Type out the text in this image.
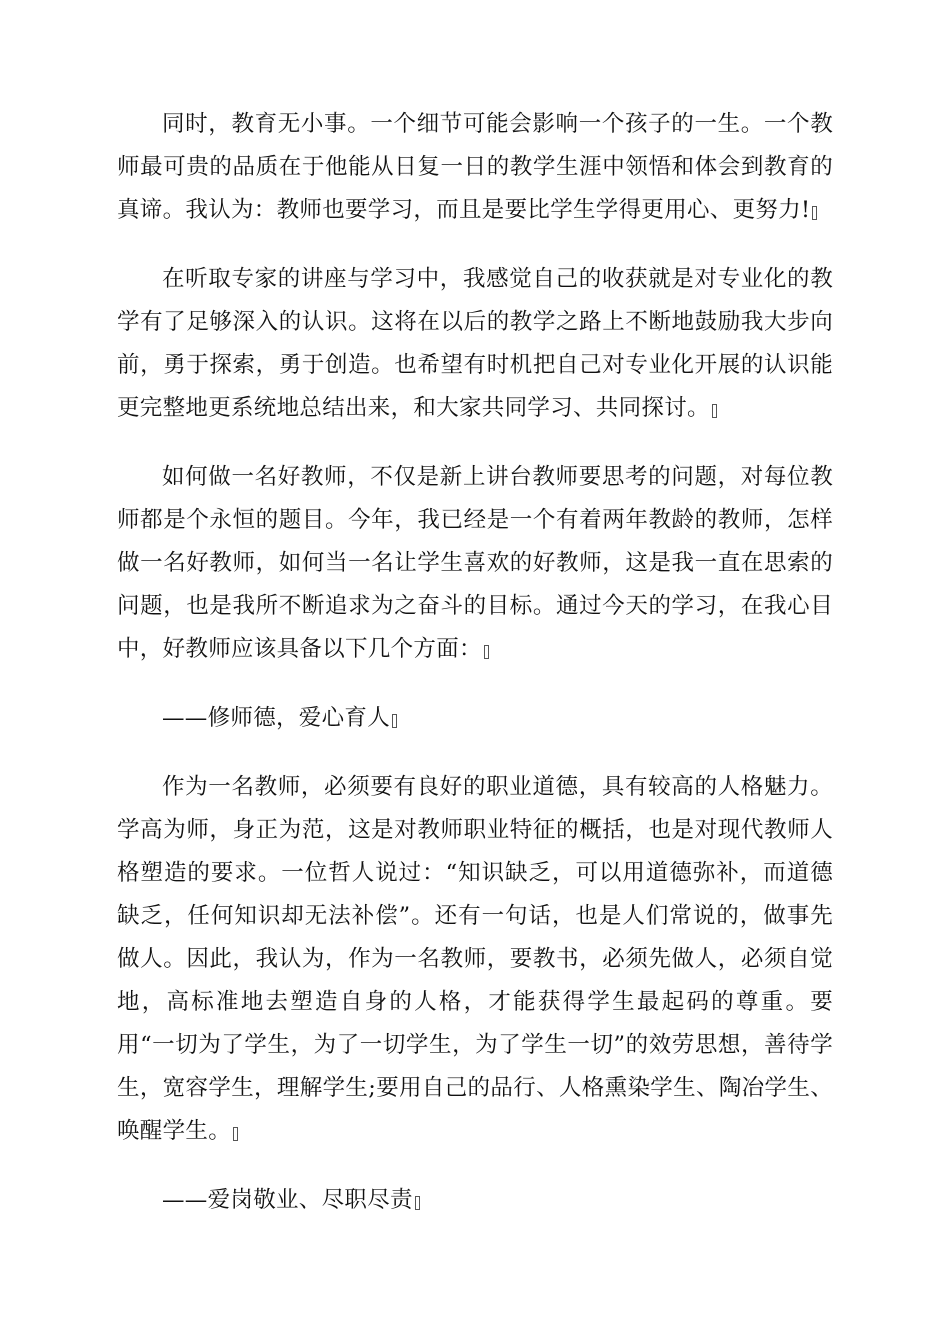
同时，教育无小事。一个细节可能会影响一个孩子的一生。一个教师最可贵的品质在于他能从日复一日的教学生涯中领悟和体会到教育的真谛。我认为：教师也要学习，而且是要比学生学得更用心、更努力!

在听取专家的讲座与学习中，我感觉自己的收获就是对专业化的教学有了足够深入的认识。这将在以后的教学之路上不断地鼓励我大步向前，勇于探索，勇于创造。也希望有时机把自己对专业化开展的认识能更完整地更系统地总结出来，和大家共同学习、共同探讨。

如何做一名好教师，不仅是新上讲台教师要思考的问题，对每位教师都是个永恒的题目。今年，我已经是一个有着两年教龄的教师，怎样做一名好教师，如何当一名让学生喜欢的好教师，这是我一直在思索的问题，也是我所不断追求为之奋斗的目标。通过今天的学习，在我心目中，好教师应该具备以下几个方面：

——修师德，爱心育人

作为一名教师，必须要有良好的职业道德，具有较高的人格魅力。学高为师，身正为范，这是对教师职业特征的概括，也是对现代教师人格塑造的要求。一位哲人说过：“知识缺乏，可以用道德弥补，而道德缺乏，任何知识却无法补偿”。还有一句话，也是人们常说的，做事先做人。因此，我认为，作为一名教师，要教书，必须先做人，必须自觉地，高标准地去塑造自身的人格，才能获得学生最起码的尊重。要用“一切为了学生，为了一切学生，为了学生一切”的效劳思想，善待学生，宽容学生，理解学生;要用自己的品行、人格熏染学生、陶冶学生、唤醒学生。

——爱岗敬业、尽职尽责
